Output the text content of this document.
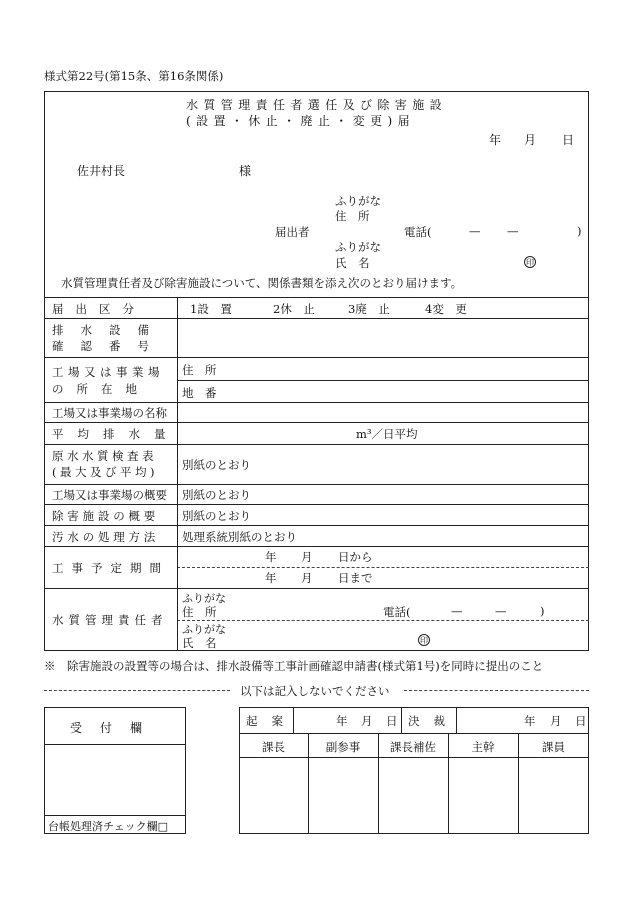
様式第22号(第15条、第16条関係)
水質管理責任者選任及び除害施設
(設置・休止・廃止・変更)届
年 月 日
佐井村長	様
ふりがな
住　所
届出者	電話(	— —	)
ふりがな
氏　名	印
水質管理責任者及び除害施設について、関係書類を添え次のとおり届けます。
届出区分	1設　置	2休　止	3廃　止	4変　更
排水設備
確認番号
工場又は事業場
の所在地
住　所
地　番
工場又は事業場の名称
平均排水量	m³／日平均
原水水質検査表
(最大及び平均) 別紙のとおり
工場又は事業場の概要 別紙のとおり
除害施設の概要 別紙のとおり
汚水の処理方法 処理系統別紙のとおり
工事予定期間
年 月 日から
年 月 日まで
水質管理責任者
ふりがな
住　所	電話(	—	—	)
ふりがな
氏　名	印
※　除害施設の設置等の場合は、排水設備等工事計画確認申請書(様式第1号)を同時に提出のこと
以下は記入しないでください
受付欄
台帳処理済チェック欄□
起案	年 月 日 決裁	年 月 日
課長	副参事	課長補佐	主幹	課員
